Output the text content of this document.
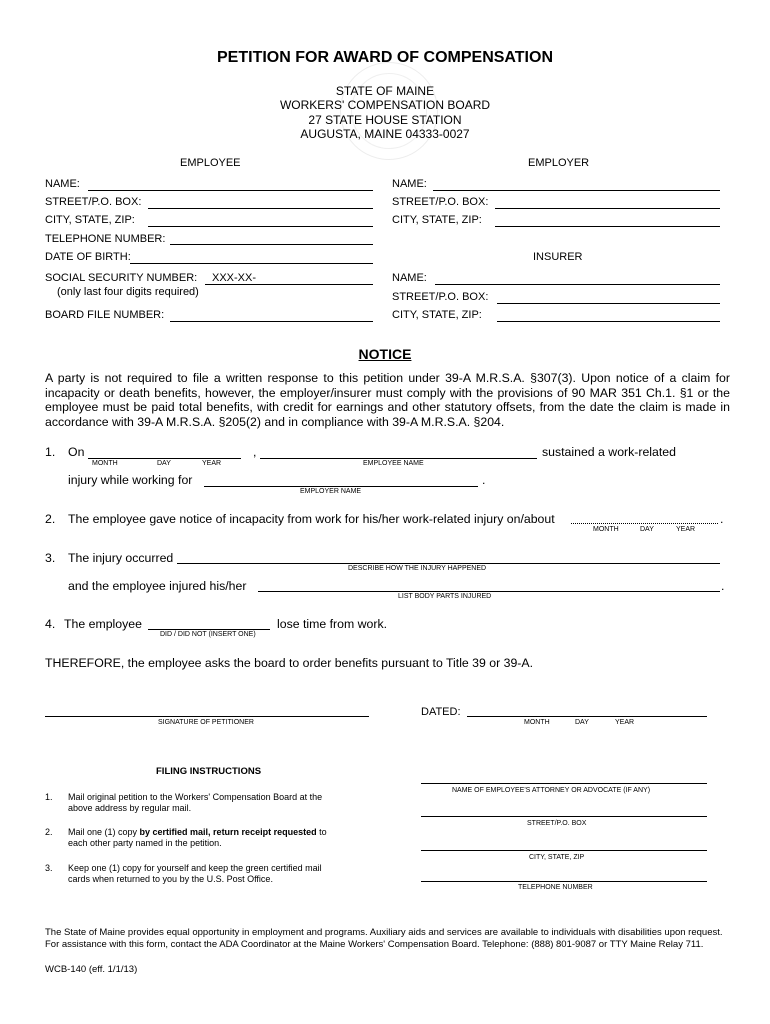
PETITION FOR AWARD OF COMPENSATION
STATE OF MAINE
WORKERS' COMPENSATION BOARD
27 STATE HOUSE STATION
AUGUSTA, MAINE 04333-0027
EMPLOYEE	EMPLOYER
NAME:
STREET/P.O. BOX:
CITY, STATE, ZIP:
TELEPHONE NUMBER:
DATE OF BIRTH:
SOCIAL SECURITY NUMBER: XXX-XX-
(only last four digits required)
BOARD FILE NUMBER:
NAME:
STREET/P.O. BOX:
CITY, STATE, ZIP:
INSURER
NAME:
STREET/P.O. BOX:
CITY, STATE, ZIP:
NOTICE
A party is not required to file a written response to this petition under 39-A M.R.S.A. §307(3). Upon notice of a claim for incapacity or death benefits, however, the employer/insurer must comply with the provisions of 90 MAR 351 Ch.1. §1 or the employee must be paid total benefits, with credit for earnings and other statutory offsets, from the date the claim is made in accordance with 39-A M.R.S.A. §205(2) and in compliance with 39-A M.R.S.A. §204.
1. On	,	sustained a work-related
MONTH	DAY	YEAR	EMPLOYEE NAME
injury while working for	.
EMPLOYER NAME
2. The employee gave notice of incapacity from work for his/her work-related injury on/about	.
MONTH	DAY	YEAR
3. The injury occurred
DESCRIBE HOW THE INJURY HAPPENED
and the employee injured his/her	.
LIST BODY PARTS INJURED
4. The employee
DID / DID NOT (INSERT ONE)
lose time from work.
THEREFORE, the employee asks the board to order benefits pursuant to Title 39 or 39-A.
SIGNATURE OF PETITIONER
DATED:
MONTH	DAY	YEAR
FILING INSTRUCTIONS
1. Mail original petition to the Workers' Compensation Board at the
above address by regular mail.
2. Mail one (1) copy by certified mail, return receipt requested to
each other party named in the petition.
3. Keep one (1) copy for yourself and keep the green certified mail
cards when returned to you by the U.S. Post Office.
NAME OF EMPLOYEE'S ATTORNEY OR ADVOCATE (IF ANY)
STREET/P.O. BOX
CITY, STATE, ZIP
TELEPHONE NUMBER
The State of Maine provides equal opportunity in employment and programs. Auxiliary aids and services are available to individuals with disabilities upon request. For assistance with this form, contact the ADA Coordinator at the Maine Workers' Compensation Board. Telephone: (888) 801-9087 or TTY Maine Relay 711.
WCB-140 (eff. 1/1/13)
